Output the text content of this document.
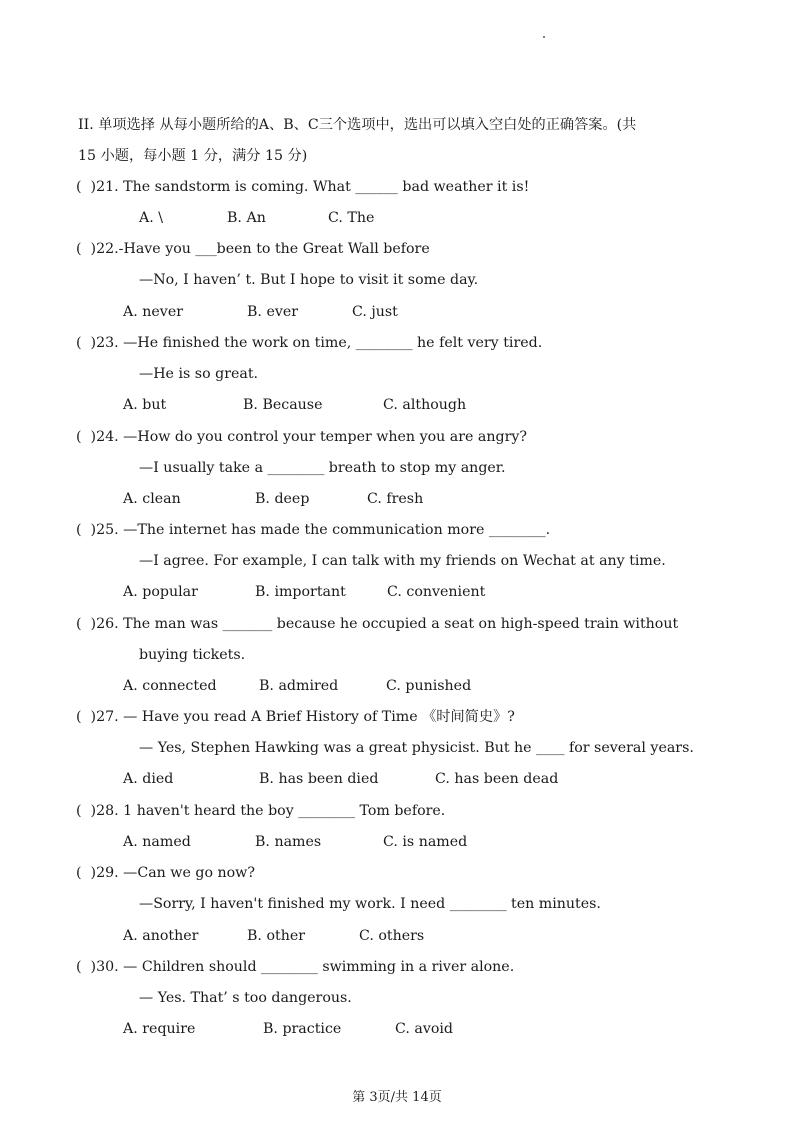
II. 单项选择 从每小题所给的A、B、C三个选项中，选出可以填入空白处的正确答案。(共
15 小题，每小题 1 分，满分 15 分)
(  )21. The sandstorm is coming. What ______ bad weather it is!

A. \

	B. An

	C. The

(  )22.-Have you ___been to the Great Wall before
—No, I haven’ t. But I hope to visit it some day.

A. never

	B. ever

	C. just

(  )23. —He finished the work on time, ________ he felt very tired.
—He is so great.

A. but

	B. Because

	C. although

(  )24. —How do you control your temper when you are angry?
—I usually take a ________ breath to stop my anger.

A. clean

	B. deep

	C. fresh

(  )25. —The internet has made the communication more ________.
—I agree. For example, I can talk with my friends on Wechat at any time.

A. popular

	B. important

	C. convenient

(  )26. The man was _______ because he occupied a seat on high-speed train without
buying tickets.

A. connected

	B. admired

	C. punished

(  )27. — Have you read A Brief History of Time 《时间简史》?
— Yes, Stephen Hawking was a great physicist. But he ____ for several years.

A. died

	B. has been died

	C. has been dead

(  )28. 1 haven't heard the boy ________ Tom before.

A. named

	B. names

	C. is named

(  )29. —Can we go now?
—Sorry, I haven't finished my work. I need ________ ten minutes.

A. another

	B. other

	C. others

(  )30. — Children should ________ swimming in a river alone.
— Yes. That’ s too dangerous.

A. require

	B. practice

	C. avoid

第 3页/共 14页
